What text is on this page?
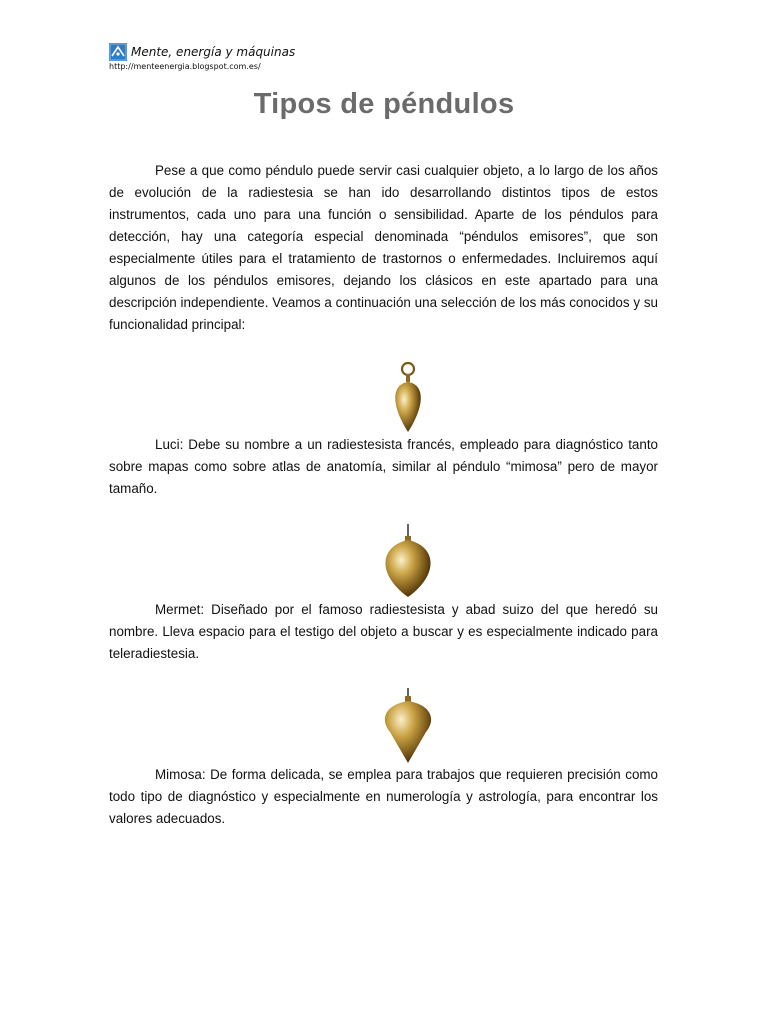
Mente, energía y máquinas
http://menteenergia.blogspot.com.es/
Tipos de péndulos

Pese a que como péndulo puede servir casi cualquier objeto, a lo largo de los años de evolución de la radiestesia se han ido desarrollando distintos tipos de estos instrumentos, cada uno para una función o sensibilidad. Aparte de los péndulos para detección, hay una categoría especial denominada “péndulos emisores”, que son especialmente útiles para el tratamiento de trastornos o enfermedades. Incluiremos aquí algunos de los péndulos emisores, dejando los clásicos en este apartado para una descripción independiente. Veamos a continuación una selección de los más conocidos y su funcionalidad principal:

Luci: Debe su nombre a un radiestesista francés, empleado para diagnóstico tanto sobre mapas como sobre atlas de anatomía, similar al péndulo “mimosa” pero de mayor tamaño.

Mermet: Diseñado por el famoso radiestesista y abad suizo del que heredó su nombre. Lleva espacio para el testigo del objeto a buscar y es especialmente indicado para teleradiestesia.

Mimosa: De forma delicada, se emplea para trabajos que requieren precisión como todo tipo de diagnóstico y especialmente en numerología y astrología, para encontrar los valores adecuados.
